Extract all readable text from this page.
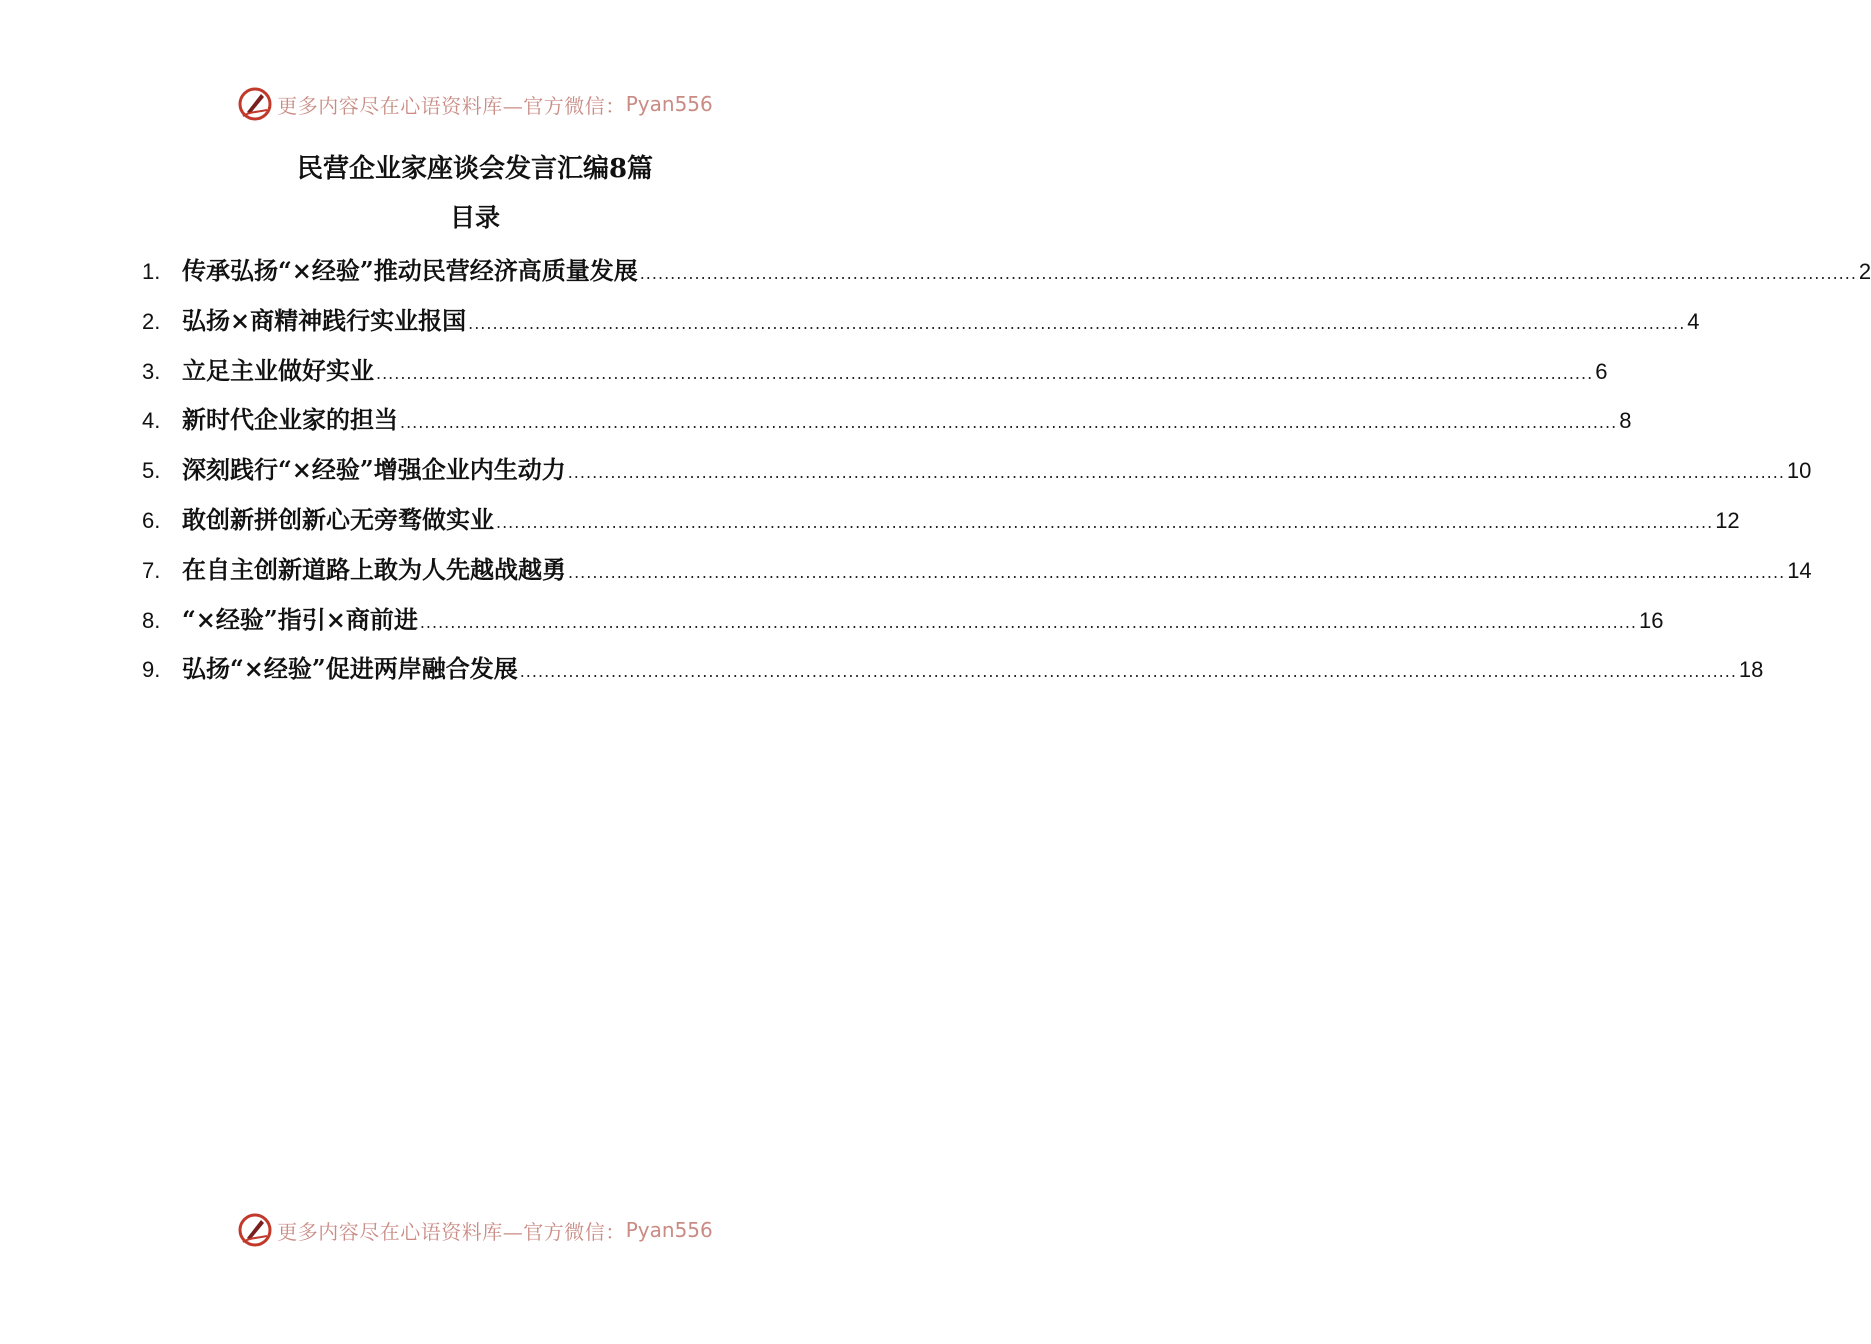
更多内容尽在心语资料库—官方微信： Pyan556
民营企业家座谈会发言汇编8篇
目录
1. 传承弘扬“×经验”推动民营经济高质量发展 ........................................................................................................................................................................................................ 2
2. 弘扬×商精神践行实业报国 ........................................................................................................................................................................................................ 4
3. 立足主业做好实业 ........................................................................................................................................................................................................ 6
4. 新时代企业家的担当 ........................................................................................................................................................................................................ 8
5. 深刻践行“×经验”增强企业内生动力 ........................................................................................................................................................................................................ 10
6. 敢创新拼创新心无旁骛做实业 ........................................................................................................................................................................................................ 12
7. 在自主创新道路上敢为人先越战越勇 ........................................................................................................................................................................................................ 14
8. “×经验”指引×商前进 ........................................................................................................................................................................................................ 16
9. 弘扬“×经验”促进两岸融合发展 ........................................................................................................................................................................................................ 18
更多内容尽在心语资料库—官方微信： Pyan556
